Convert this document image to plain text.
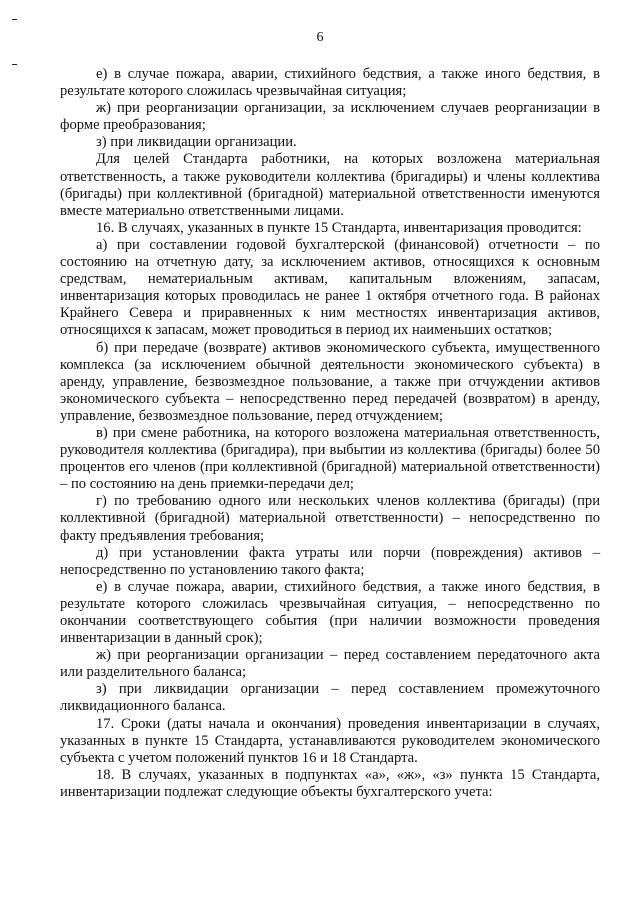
6

е) в случае пожара, аварии, стихийного бедствия, а также иного бедствия, в результате которого сложилась чрезвычайная ситуация;

ж) при реорганизации организации, за исключением случаев реорганизации в форме преобразования;

з) при ликвидации организации.

Для целей Стандарта работники, на которых возложена материальная ответственность, а также руководители коллектива (бригадиры) и члены коллектива (бригады) при коллективной (бригадной) материальной ответственности именуются вместе материально ответственными лицами.

16. В случаях, указанных в пункте 15 Стандарта, инвентаризация проводится:

а) при составлении годовой бухгалтерской (финансовой) отчетности – по состоянию на отчетную дату, за исключением активов, относящихся к основным средствам, нематериальным активам, капитальным вложениям, запасам, инвентаризация которых проводилась не ранее 1 октября отчетного года. В районах Крайнего Севера и приравненных к ним местностях инвентаризация активов, относящихся к запасам, может проводиться в период их наименьших остатков;

б) при передаче (возврате) активов экономического субъекта, имущественного комплекса (за исключением обычной деятельности экономического субъекта) в аренду, управление, безвозмездное пользование, а также при отчуждении активов экономического субъекта – непосредственно перед передачей (возвратом) в аренду, управление, безвозмездное пользование, перед отчуждением;

в) при смене работника, на которого возложена материальная ответственность, руководителя коллектива (бригадира), при выбытии из коллектива (бригады) более 50 процентов его членов (при коллективной (бригадной) материальной ответственности) – по состоянию на день приемки-передачи дел;

г) по требованию одного или нескольких членов коллектива (бригады) (при коллективной (бригадной) материальной ответственности) – непосредственно по факту предъявления требования;

д) при установлении факта утраты или порчи (повреждения) активов – непосредственно по установлению такого факта;

е) в случае пожара, аварии, стихийного бедствия, а также иного бедствия, в результате которого сложилась чрезвычайная ситуация, – непосредственно по окончании соответствующего события (при наличии возможности проведения инвентаризации в данный срок);

ж) при реорганизации организации – перед составлением передаточного акта или разделительного баланса;

з) при ликвидации организации – перед составлением промежуточного ликвидационного баланса.

17. Сроки (даты начала и окончания) проведения инвентаризации в случаях, указанных в пункте 15 Стандарта, устанавливаются руководителем экономического субъекта с учетом положений пунктов 16 и 18 Стандарта.

18. В случаях, указанных в подпунктах «а», «ж», «з» пункта 15 Стандарта, инвентаризации подлежат следующие объекты бухгалтерского учета:
